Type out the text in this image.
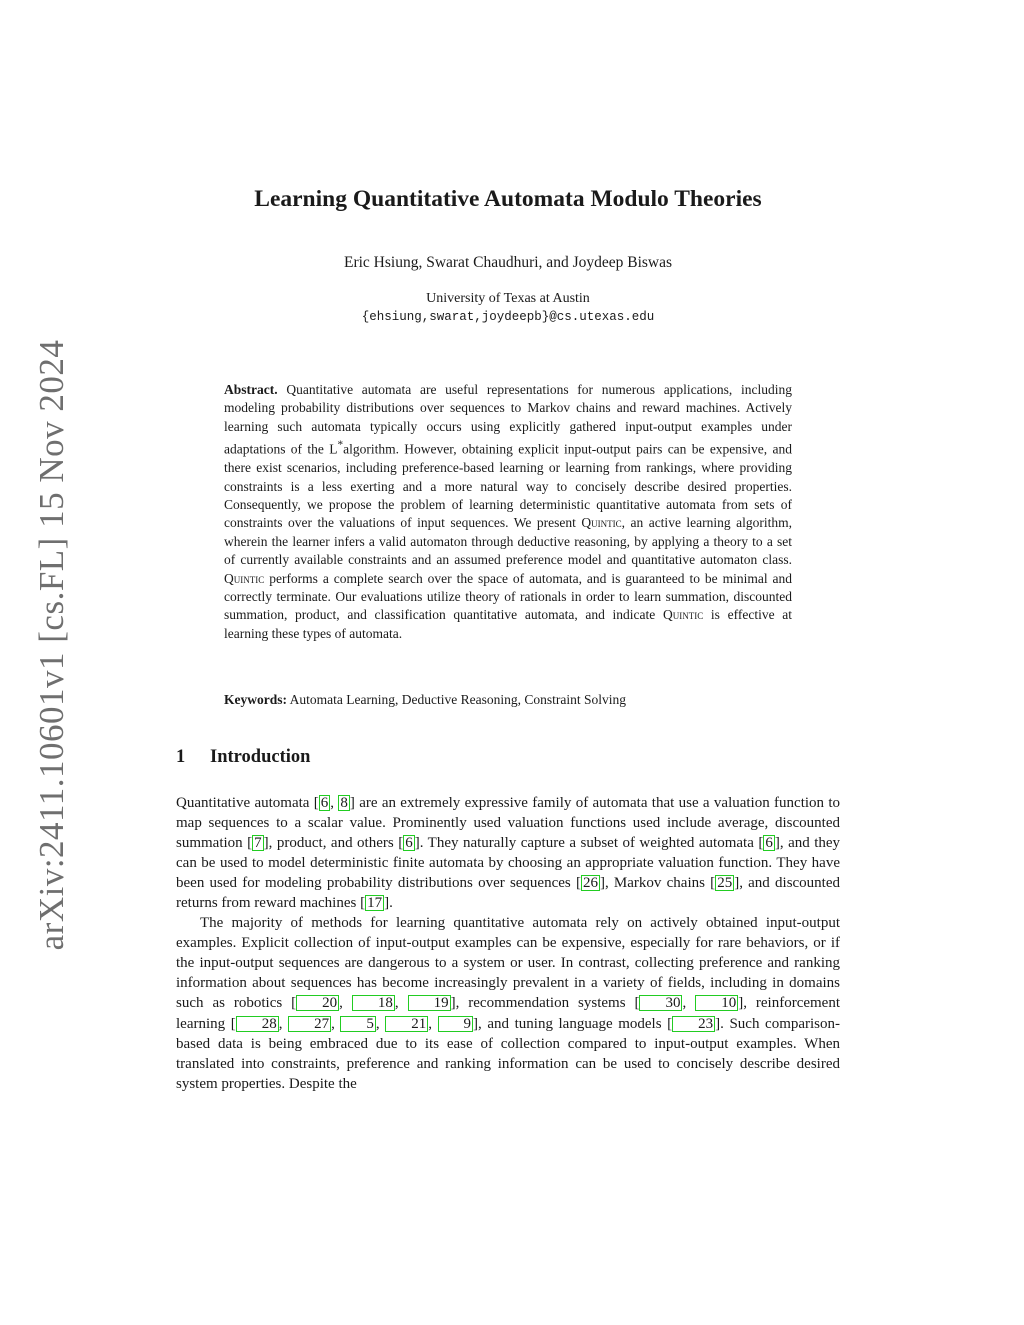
arXiv:2411.10601v1 [cs.FL] 15 Nov 2024
Learning Quantitative Automata Modulo Theories
Eric Hsiung, Swarat Chaudhuri, and Joydeep Biswas
University of Texas at Austin
{ehsiung,swarat,joydeepb}@cs.utexas.edu

Abstract. Quantitative automata are useful representations for numerous applications, including modeling probability distributions over sequences to Markov chains and reward machines. Actively learning such automata typically occurs using explicitly gathered input-output examples under adaptations of the L*algorithm. However, obtaining explicit input-output pairs can be expensive, and there exist scenarios, including preference-based learning or learning from rankings, where providing constraints is a less exerting and a more natural way to concisely describe desired properties. Consequently, we propose the problem of learning deterministic quantitative automata from sets of constraints over the valuations of input sequences. We present Quintic, an active learning algorithm, wherein the learner infers a valid automaton through deductive reasoning, by applying a theory to a set of currently available constraints and an assumed preference model and quantitative automaton class. Quintic performs a complete search over the space of automata, and is guaranteed to be minimal and correctly terminate. Our evaluations utilize theory of rationals in order to learn summation, discounted summation, product, and classification quantitative automata, and indicate Quintic is effective at learning these types of automata.

Keywords: Automata Learning, Deductive Reasoning, Constraint Solving

1 Introduction

Quantitative automata [ 6 , 8 ] are an extremely expressive family of automata that use a valuation function to map sequences to a scalar value. Prominently used valuation functions used include average, discounted summation [ 7 ], product, and others [ 6 ]. They naturally capture a subset of weighted automata [ 6 ], and they can be used to model deterministic finite automata by choosing an appropriate valuation function. They have been used for modeling probability distributions over sequences [ 26 ], Markov chains [ 25 ], and discounted returns from reward machines [ 17 ].

The majority of methods for learning quantitative automata rely on actively obtained input-output examples. Explicit collection of input-output examples can be expensive, especially for rare behaviors, or if the input-output sequences are dangerous to a system or user. In contrast, collecting preference and ranking information about sequences has become increasingly prevalent in a variety of fields, including in domains such as robotics [ 20 , 18 , 19 ], recommendation systems [ 30 , 10 ], reinforcement learning [ 28 , 27 , 5 , 21 , 9 ], and tuning language models [ 23 ]. Such comparison-based data is being embraced due to its ease of collection compared to input-output examples. When translated into constraints, preference and ranking information can be used to concisely describe desired system properties. Despite the
